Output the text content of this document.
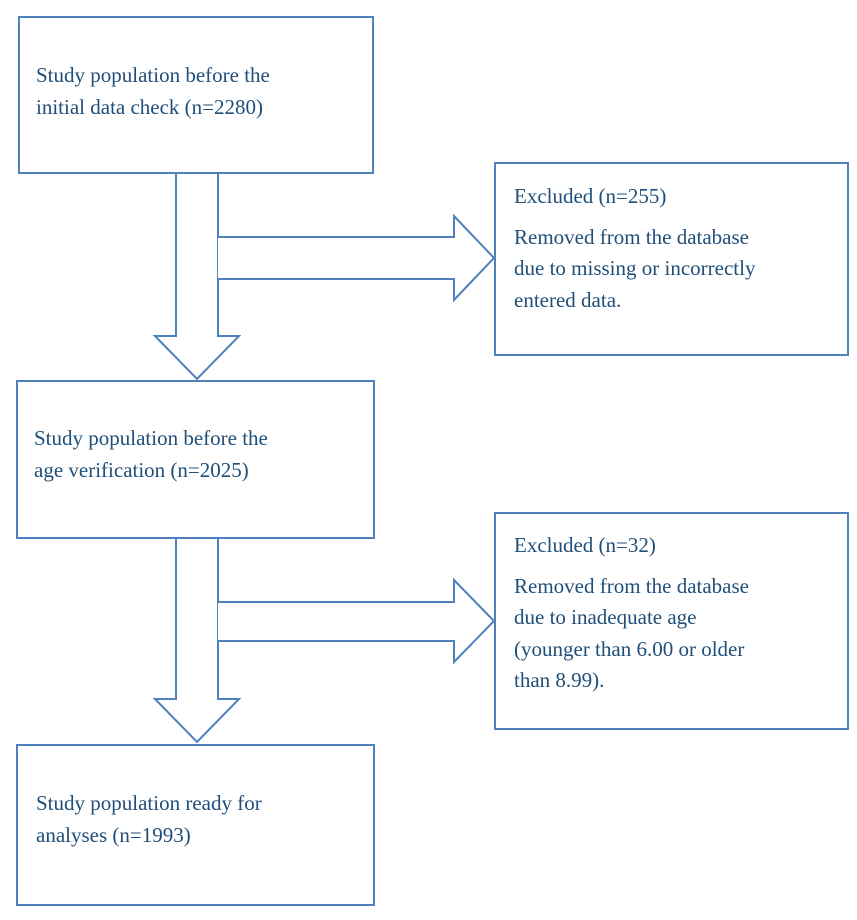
Study population before the

initial data check (n=2280)

Excluded (n=255)

Removed from the database

due to missing or incorrectly

entered data.

Study population before the

age verification (n=2025)

Excluded (n=32)

Removed from the database

due to inadequate age

(younger than 6.00 or older

than 8.99).

Study population ready for

analyses (n=1993)
